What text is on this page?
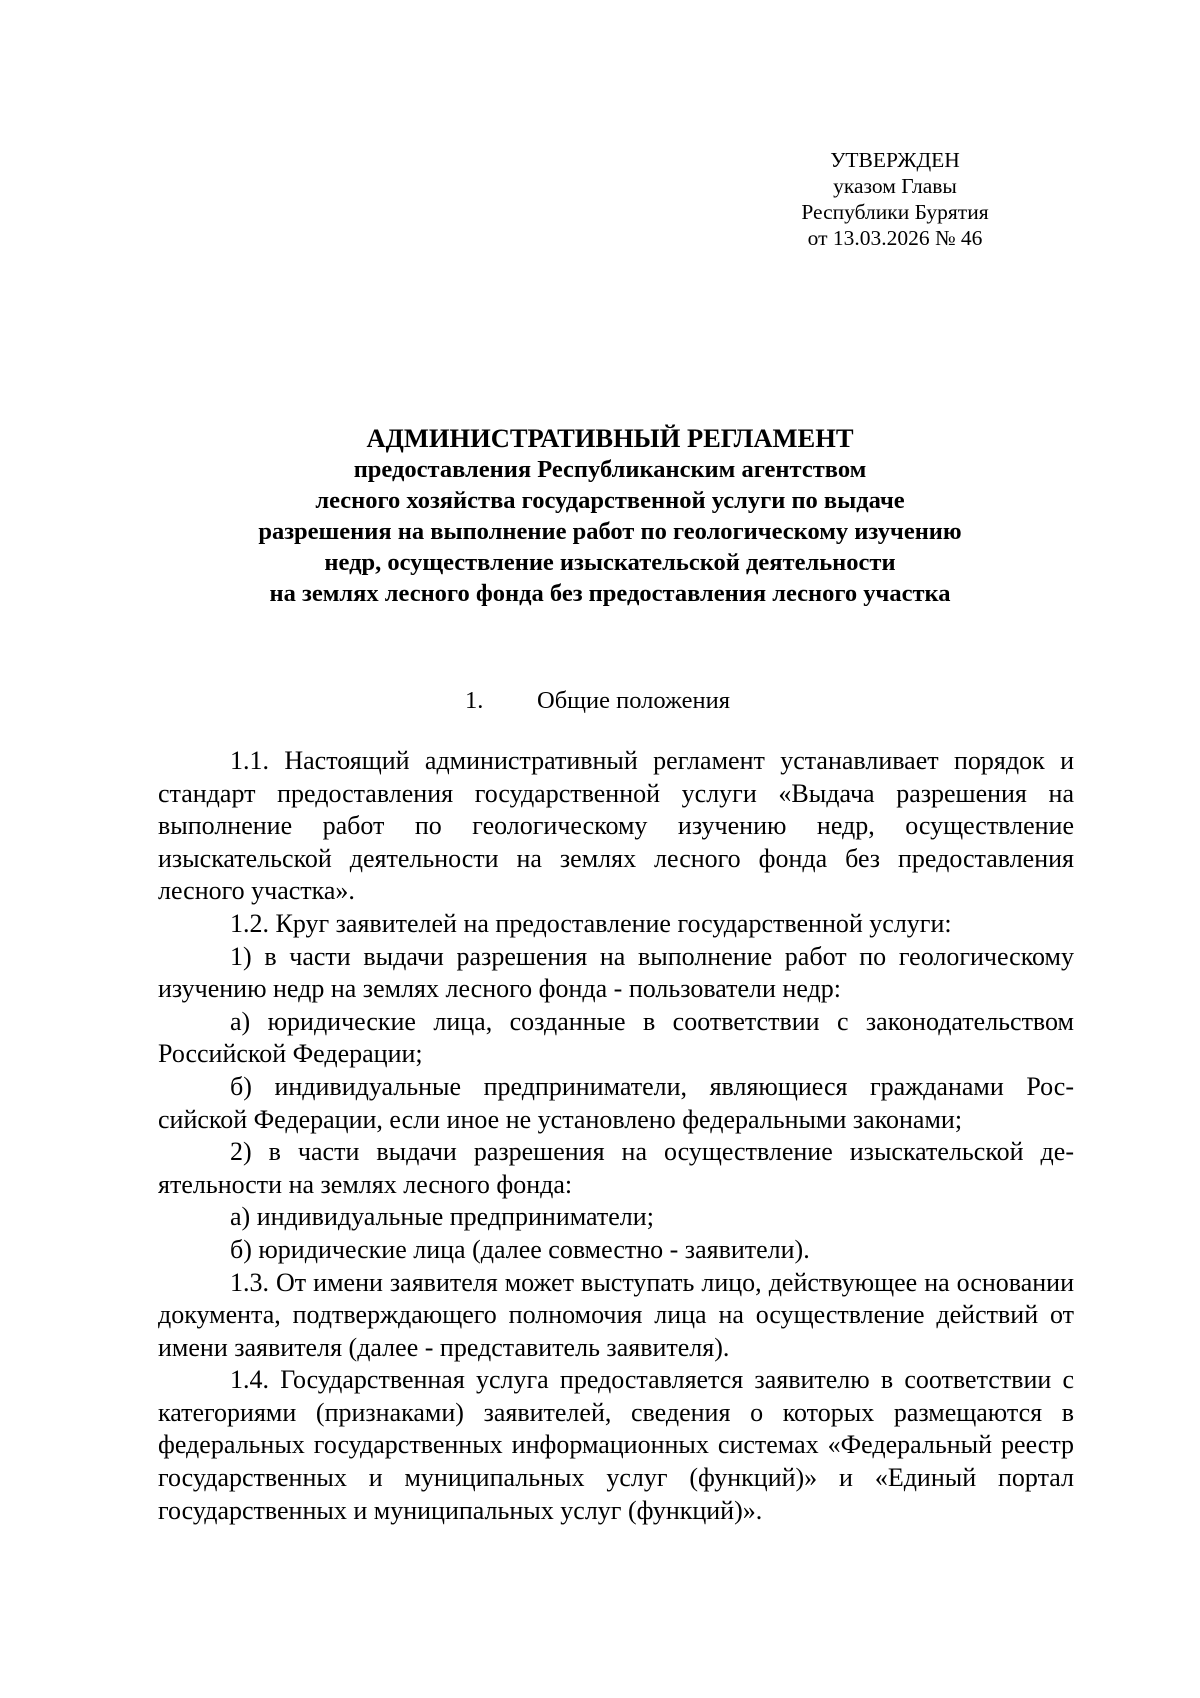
УТВЕРЖДЕН
указом Главы
Республики Бурятия
от 13.03.2026 № 46

АДМИНИСТРАТИВНЫЙ РЕГЛАМЕНТ

предоставления Республиканским агентством

лесного хозяйства государственной услуги по выдаче

разрешения на выполнение работ по геологическому изучению

недр, осуществление изыскательской деятельности

на землях лесного фонда без предоставления лесного участка

1. Общие положения

1.1. Настоящий административный регламент устанавливает порядок и стандарт предоставления государственной услуги «Выдача разрешения на выполнение работ по геологическому изучению недр, осуществление изыскательской деятельности на землях лесного фонда без предоставления лесного участка».

1.2. Круг заявителей на предоставление государственной услуги:

1) в части выдачи разрешения на выполнение работ по геологическому изучению недр на землях лесного фонда - пользователи недр:

а) юридические лица, созданные в соответствии с законодательством Российской Федерации;

б) индивидуальные предприниматели, являющиеся гражданами Российской Федерации, если иное не установлено федеральными законами;

2) в части выдачи разрешения на осуществление изыскательской деятельности на землях лесного фонда:

а) индивидуальные предприниматели;

б) юридические лица (далее совместно - заявители).

1.3. От имени заявителя может выступать лицо, действующее на основании документа, подтверждающего полномочия лица на осуществление действий от имени заявителя (далее - представитель заявителя).

1.4. Государственная услуга предоставляется заявителю в соответствии с категориями (признаками) заявителей, сведения о которых размещаются в федеральных государственных информационных системах «Федеральный реестр государственных и муниципальных услуг (функций)» и «Единый портал государственных и муниципальных услуг (функций)».
